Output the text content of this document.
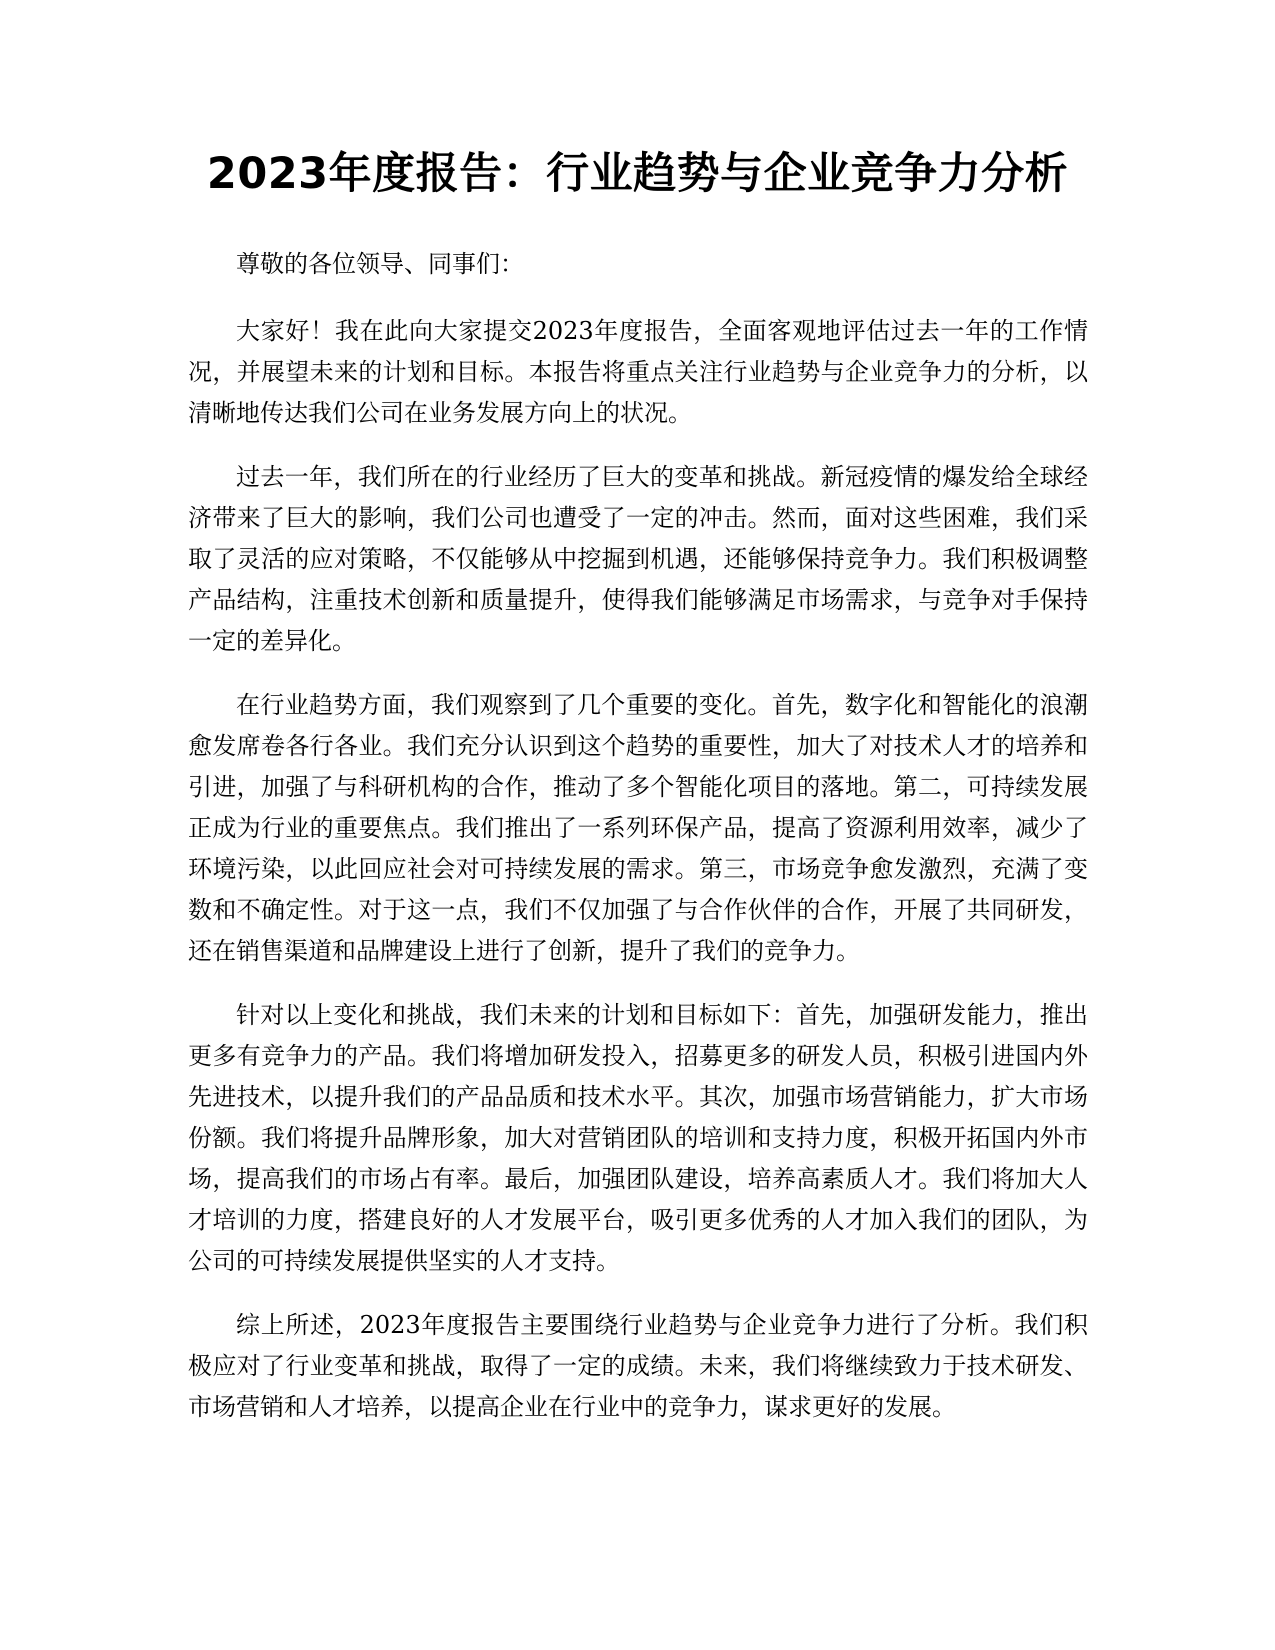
2023年度报告：行业趋势与企业竞争力分析

尊敬的各位领导、同事们：

大家好！我在此向大家提交2023年度报告，全面客观地评估过去一年的工作情况，并展望未来的计划和目标。本报告将重点关注行业趋势与企业竞争力的分析，以清晰地传达我们公司在业务发展方向上的状况。

过去一年，我们所在的行业经历了巨大的变革和挑战。新冠疫情的爆发给全球经济带来了巨大的影响，我们公司也遭受了一定的冲击。然而，面对这些困难，我们采取了灵活的应对策略，不仅能够从中挖掘到机遇，还能够保持竞争力。我们积极调整产品结构，注重技术创新和质量提升，使得我们能够满足市场需求，与竞争对手保持一定的差异化。

在行业趋势方面，我们观察到了几个重要的变化。首先，数字化和智能化的浪潮愈发席卷各行各业。我们充分认识到这个趋势的重要性，加大了对技术人才的培养和引进，加强了与科研机构的合作，推动了多个智能化项目的落地。第二，可持续发展正成为行业的重要焦点。我们推出了一系列环保产品，提高了资源利用效率，减少了环境污染，以此回应社会对可持续发展的需求。第三，市场竞争愈发激烈，充满了变数和不确定性。对于这一点，我们不仅加强了与合作伙伴的合作，开展了共同研发，还在销售渠道和品牌建设上进行了创新，提升了我们的竞争力。

针对以上变化和挑战，我们未来的计划和目标如下：首先，加强研发能力，推出更多有竞争力的产品。我们将增加研发投入，招募更多的研发人员，积极引进国内外先进技术，以提升我们的产品品质和技术水平。其次，加强市场营销能力，扩大市场份额。我们将提升品牌形象，加大对营销团队的培训和支持力度，积极开拓国内外市场，提高我们的市场占有率。最后，加强团队建设，培养高素质人才。我们将加大人才培训的力度，搭建良好的人才发展平台，吸引更多优秀的人才加入我们的团队，为公司的可持续发展提供坚实的人才支持。

综上所述，2023年度报告主要围绕行业趋势与企业竞争力进行了分析。我们积极应对了行业变革和挑战，取得了一定的成绩。未来，我们将继续致力于技术研发、市场营销和人才培养，以提高企业在行业中的竞争力，谋求更好的发展。
